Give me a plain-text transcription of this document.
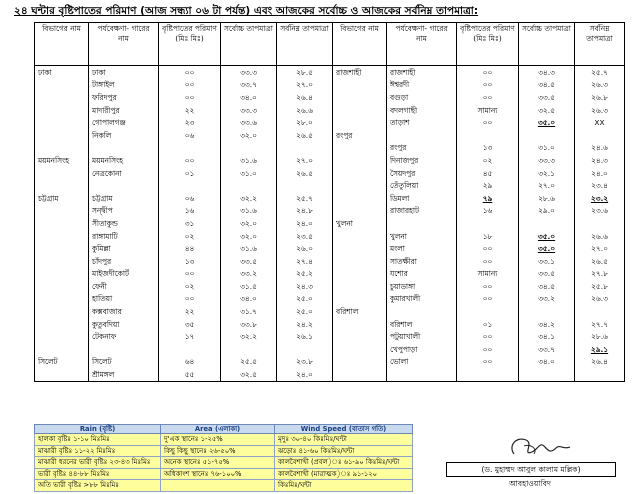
২৪ ঘন্টার বৃষ্টিপাতের পরিমাণ (আজ সন্ধ্যা ০৬ টা পর্যন্ত) এবং আজকের সর্বোচ্চ ও আজকের সর্বনিম্ন তাপমাত্রা:
বিভাগের নাম	পর্যবেক্ষণা- গারের নাম	বৃষ্টিপাতের পরিমাণ (মিঃ মিঃ)	সর্বোচ্চ তাপমাত্রা	সর্বনিম্ন তাপমাত্রা	বিভাগের নাম	পর্যবেক্ষণা- গারের নাম	বৃষ্টিপাতের পরিমাণ (মিঃ মিঃ)	সর্বোচ্চ তাপমাত্রা	সর্বনিম্ন তাপমাত্রা
ঢাকা	ঢাকা	০০	৩৩.৩	২৮.৫	রাজশাহী	রাজশাহী	০০	৩৪.৩	২৫.৭
	টাঙ্গাইল	০০	৩৩.৭	২৭.০		ঈশ্বরদী	০০	৩৪.৫	২৬.৩
	ফরিদপুর	০০	৩৪.০	২৬.৪		বগুড়া	০০	৩৩.৫	২৬.৮
	মাদারীপুর	২২	৩৩.৩	২৬.৬		বদলগাছী	সামান্য	৩২.৫	২৬.৩
	গোপালগঞ্জ	২৩	৩৩.৬	২৮.০		তাড়াশ	০০	৩৫.০	XX
	নিকলি	০৬	৩২.০	২৬.৫	রংপুর				
						রংপুর	১৩	৩১.০	২৪.৬
ময়মনসিংহ	ময়মনসিংহ	০০	৩১.৬	২৭.০		দিনাজপুর	০২	৩৩.৩	২৪.৩
	নেত্রকোনা	০১	৩১.০	২৬.৫		সৈয়দপুর	৪৫	৩২.১	২৪.০
						তেঁতুলিয়া	২৯	২৭.০	২৩.৪
চট্টগ্রাম	চট্টগ্রাম	০৬	৩২.২	২৫.৭		ডিমলা	৭৯	২৮.৬	২৩.২
	সন্দ্বীপ	১৬	৩১.৬	২৪.৮		রাজারহাট	১৬	২৯.০	২৩.৬
	সীতাকুন্ড	৩১	৩২.০	২৪.০	খুলনা				
	রাঙ্গামাটি	০২	৩২.০	২৩.৫		খুলনা	১৮	৩৫.০	২৬.৬
	কুমিল্লা	৪৪	৩১.৬	২৬.০		মংলা	০০	৩৫.০	২৭.০
	চাঁদপুর	১৩	৩৩.৫	২৭.৪		সাতক্ষীরা	০০	৩৩.১	২৬.৫
	মাইজদীকোর্ট	০০	৩৩.২	২৫.২		যশোর	সামান্য	৩৩.৫	২৭.৮
	ফেনী	০২	৩১.৫	২৪.৩		চুয়াডাঙ্গা	০০	৩৪.৫	২৫.৮
	হাতিয়া	০০	৩৪.০	২৫.০		কুমারখালী	০০	৩৩.২	২৬.৩
	কক্সবাজার	২২	৩১.৭	২৫.০	বরিশাল				
	কুতুবদিয়া	৩৫	৩৩.৮	২৪.২		বরিশাল	০১	৩৪.২	২৭.৭
	টেকনাফ	১৭	৩২.২	২৬.১		পটুয়াখালী	০০	৩৪.১	২৮.৬
						খেপুপাড়া	০০	৩৩.৭	২৯.১
সিলেট	সিলেট	৬৪	২৫.৫	২৩.৮		ভোলা	০০	৩৪.০	২৬.৪
	শ্রীমঙ্গল	৫৫	৩২.৫	২৪.০					
Rain (বৃষ্টি)	Area (এলাকা)	Wind Speed (বাতাস গতি)
হালকা বৃষ্টিঃ ১-১০ মিঃমিঃ	দু'এক স্থানেঃ ১-২৫%	মৃদুঃ ৩০-৪০ কিঃমিঃ/ঘন্টা
মাঝারী বৃষ্টিঃ ১১-২২ মিঃমিঃ	কিছু কিছু স্থানেঃ ২৬-৫০%	ঝড়োঃ ৪১-৬০ কিঃমিঃ/ঘন্টা
মাঝারী ধরনের ভারী বৃষ্টিঃ ২৩-৪৩ মিঃমিঃ	অনেক স্থানেঃ ৫১-৭৫%	কালবৈশাখী (প্রবল)ঃ ৬১-৯০ কিঃমিঃ/ঘন্টা
ভারী বৃষ্টিঃ ৪৪-৮৮ মিঃমিঃ	অধিকাংশ স্থানেঃ ৭৬-১০০%	কালবৈশাখী (মারাত্মক)ঃ ৯১-১২০
অতি ভারী বৃষ্টিঃ >৮৮ মিঃমিঃ		কিঃমিঃ/ঘন্টা
(ড. মুহাম্মদ আবুল কালাম মল্লিক)
আবহাওয়াবিদ
